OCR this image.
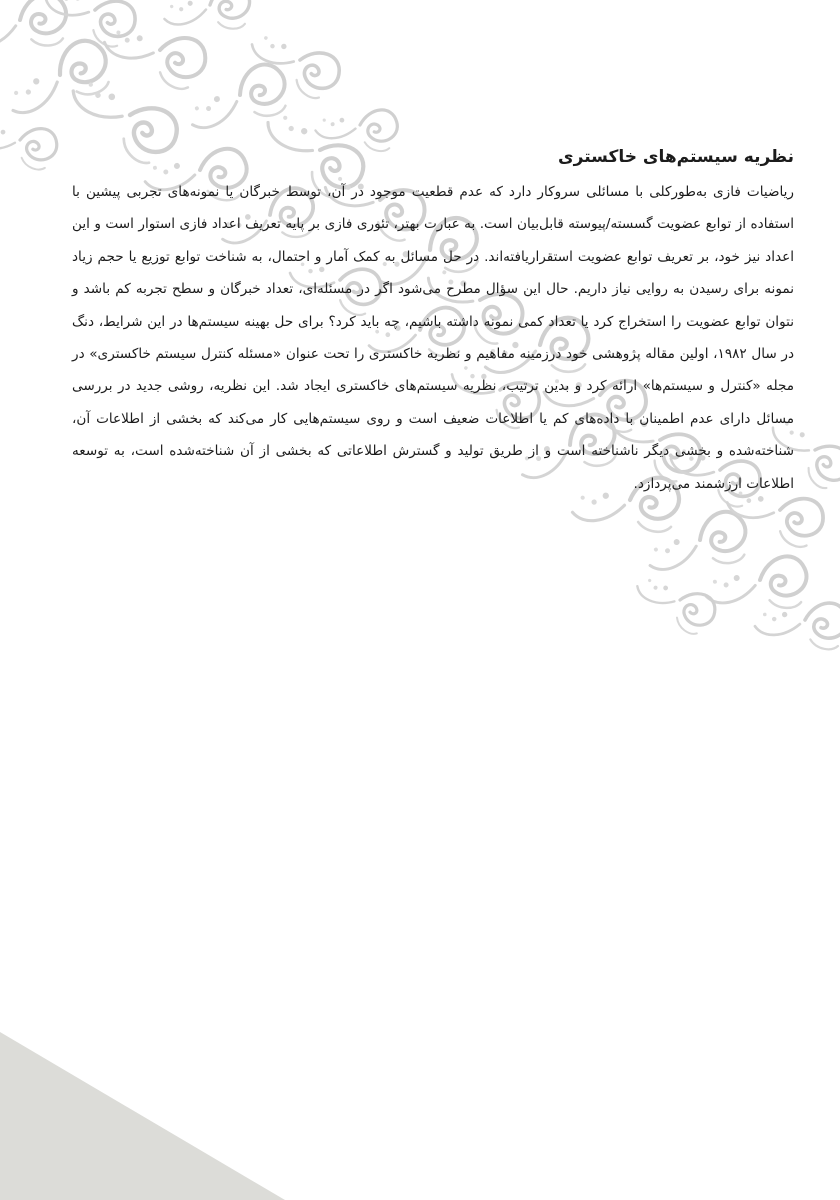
نظریه سیستم‌های خاکستری

ریاضیات فازی به‌طورکلی با مسائلی سروکار دارد که عدم قطعیت موجود در آن، توسط خبرگان یا نمونه‌های تجربی پیشین با استفاده از توابع عضویت گسسته/پیوسته قابل‌بیان است. به عبارت بهتر، تئوری فازی بر پایه تعریف اعداد فازی استوار است و این اعداد نیز خود، بر تعریف توابع عضویت استقراریافته‌اند. در حل مسائل به کمک آمار و احتمال، به شناخت توابع توزیع یا حجم زیاد نمونه برای رسیدن به روایی نیاز داریم. حال این سؤال مطرح می‌شود اگر در مسئله‌ای، تعداد خبرگان و سطح تجربه کم باشد و نتوان توابع عضویت را استخراج کرد یا تعداد کمی نمونه داشته باشیم، چه باید کرد؟ برای حل بهینه سیستم‌ها در این شرایط، دنگ در سال ۱۹۸۲، اولین مقاله پژوهشی خود درزمینه مفاهیم و نظریه خاکستری را تحت عنوان «مسئله کنترل سیستم خاکستری» در مجله «کنترل و سیستم‌ها» ارائه کرد و بدین ترتیب، نظریه سیستم‌های خاکستری ایجاد شد. این نظریه، روشی جدید در بررسی مسائل دارای عدم اطمینان با داده‌های کم یا اطلاعات ضعیف است و روی سیستم‌هایی کار می‌کند که بخشی از اطلاعات آن، شناخته‌شده و بخشی دیگر ناشناخته است و از طریق تولید و گسترش اطلاعاتی که بخشی از آن شناخته‌شده است، به توسعه اطلاعات ارزشمند می‌پردازد.
